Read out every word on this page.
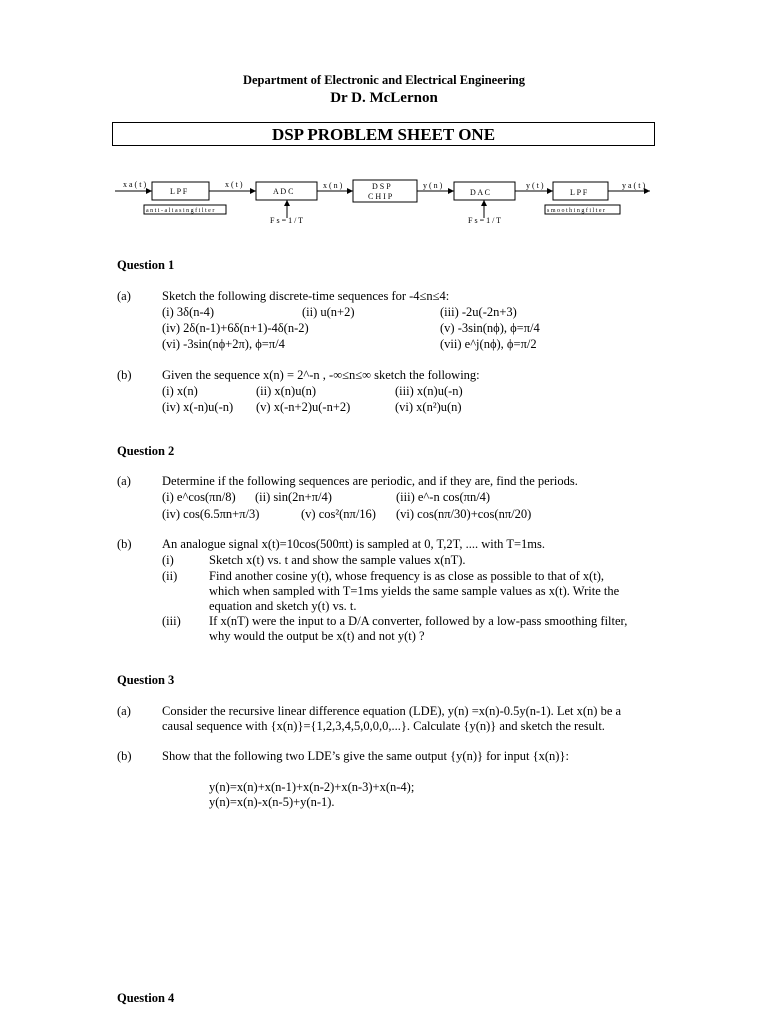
Department of Electronic and Electrical Engineering
Dr D. McLernon
DSP PROBLEM SHEET ONE
x a ( t )
L P F
x ( t )
A D C
x ( n )	D S P
C H I P
y ( n )
D A C
y ( t )
L P F
y a ( t )
F s = 1 / T	F s = 1 / T
a n t i - a l i a s i n g f i l t e r	s m o o t h i n g f i l t e r
Question 1
(a) Sketch the following discrete-time sequences for -4≤n≤4:
(i) 3δ(n-4)	(ii) u(n+2)	(iii) -2u(-2n+3)
(iv) 2δ(n-1)+6δ(n+1)-4δ(n-2)	(v) -3sin(nϕ), ϕ=π/4
(vi) -3sin(nϕ+2π), ϕ=π/4	(vii) e^j(nϕ), ϕ=π/2
(b) Given the sequence x(n) = 2^-n , -∞≤n≤∞ sketch the following:
(i) x(n)	(ii) x(n)u(n)	(iii) x(n)u(-n)
(iv) x(-n)u(-n) (v) x(-n+2)u(-n+2)	(vi) x(n²)u(n)
Question 2
(a) Determine if the following sequences are periodic, and if they are, find the periods.
(i) e^cos(πn/8) (ii) sin(2n+π/4)	(iii) e^-n cos(πn/4)
(iv) cos(6.5πn+π/3)	(v) cos²(nπ/16) (vi) cos(nπ/30)+cos(nπ/20)
(b) An analogue signal x(t)=10cos(500πt) is sampled at 0, T,2T, .... with T=1ms.
(i)	Sketch x(t) vs. t and show the sample values x(nT).
(ii)	Find another cosine y(t), whose frequency is as close as possible to that of x(t),
which when sampled with T=1ms yields the same sample values as x(t). Write the
equation and sketch y(t) vs. t.
(iii) If x(nT) were the input to a D/A converter, followed by a low-pass smoothing filter,
why would the output be x(t) and not y(t) ?
Question 3
(a) Consider the recursive linear difference equation (LDE), y(n) =x(n)-0.5y(n-1). Let x(n) be a
causal sequence with {x(n)}={1,2,3,4,5,0,0,0,...}. Calculate {y(n)} and sketch the result.
(b) Show that the following two LDE’s give the same output {y(n)} for input {x(n)}:
y(n)=x(n)+x(n-1)+x(n-2)+x(n-3)+x(n-4);
y(n)=x(n)-x(n-5)+y(n-1).
Question 4
